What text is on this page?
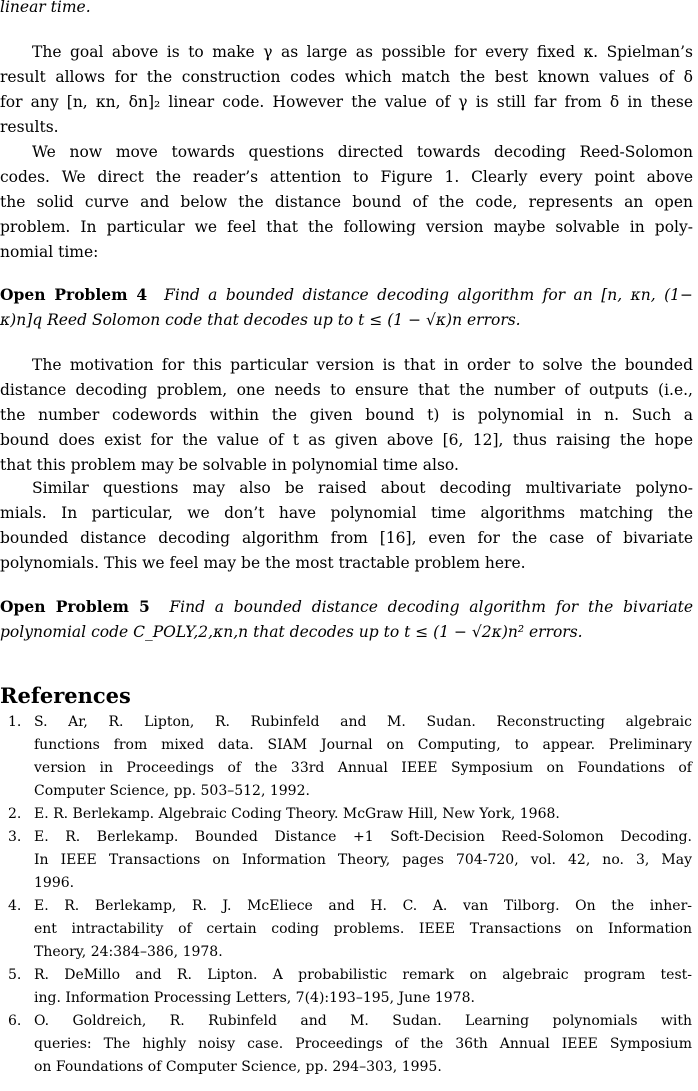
linear time.
The goal above is to make γ as large as possible for every fixed κ. Spielman’s
result allows for the construction codes which match the best known values of δ
for any [n, κn, δn]₂ linear code. However the value of γ is still far from δ in these
results.
We now move towards questions directed towards decoding Reed-Solomon
codes. We direct the reader’s attention to Figure 1. Clearly every point above
the solid curve and below the distance bound of the code, represents an open
problem. In particular we feel that the following version maybe solvable in poly-
nomial time:
Open Problem 4 Find a bounded distance decoding algorithm for an [n, κn, (1−
κ)n]q Reed Solomon code that decodes up to t ≤ (1 − √κ)n errors.
The motivation for this particular version is that in order to solve the bounded
distance decoding problem, one needs to ensure that the number of outputs (i.e.,
the number codewords within the given bound t) is polynomial in n. Such a
bound does exist for the value of t as given above [6, 12], thus raising the hope
that this problem may be solvable in polynomial time also.
Similar questions may also be raised about decoding multivariate polyno-
mials. In particular, we don’t have polynomial time algorithms matching the
bounded distance decoding algorithm from [16], even for the case of bivariate
polynomials. This we feel may be the most tractable problem here.
Open Problem 5 Find a bounded distance decoding algorithm for the bivariate
polynomial code C_POLY,2,κn,n that decodes up to t ≤ (1 − √2κ)n² errors.
References
1. S. Ar, R. Lipton, R. Rubinfeld and M. Sudan. Reconstructing algebraic
functions from mixed data. SIAM Journal on Computing, to appear. Preliminary
version in Proceedings of the 33rd Annual IEEE Symposium on Foundations of
Computer Science, pp. 503–512, 1992.
2. E. R. Berlekamp. Algebraic Coding Theory. McGraw Hill, New York, 1968.
3. E. R. Berlekamp. Bounded Distance +1 Soft-Decision Reed-Solomon Decoding.
In IEEE Transactions on Information Theory, pages 704-720, vol. 42, no. 3, May
1996.
4. E. R. Berlekamp, R. J. McEliece and H. C. A. van Tilborg. On the inher-
ent intractability of certain coding problems. IEEE Transactions on Information
Theory, 24:384–386, 1978.
5. R. DeMillo and R. Lipton. A probabilistic remark on algebraic program test-
ing. Information Processing Letters, 7(4):193–195, June 1978.
6. O. Goldreich, R. Rubinfeld and M. Sudan. Learning polynomials with
queries: The highly noisy case. Proceedings of the 36th Annual IEEE Symposium
on Foundations of Computer Science, pp. 294–303, 1995.
